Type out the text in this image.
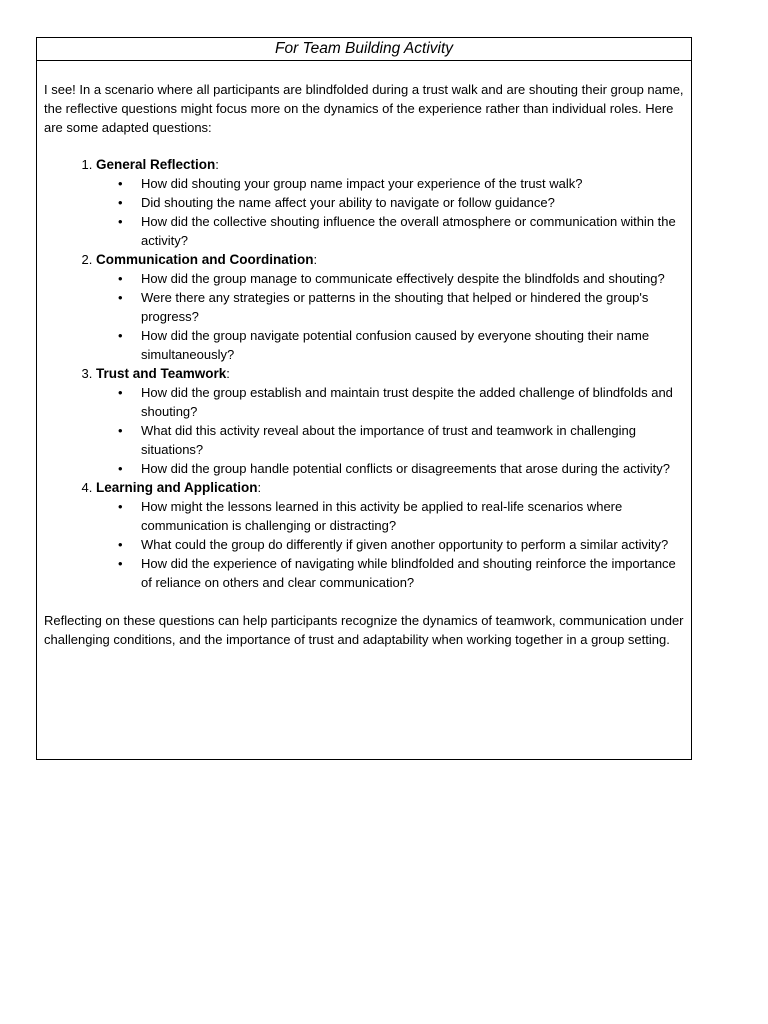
For Team Building Activity

I see! In a scenario where all participants are blindfolded during a trust walk and are shouting their group name, the reflective questions might focus more on the dynamics of the experience rather than individual roles. Here are some adapted questions:

1. General Reflection:
• How did shouting your group name impact your experience of the trust walk?
• Did shouting the name affect your ability to navigate or follow guidance?
• How did the collective shouting influence the overall atmosphere or communication within the activity?
2. Communication and Coordination:
• How did the group manage to communicate effectively despite the blindfolds and shouting?
• Were there any strategies or patterns in the shouting that helped or hindered the group's progress?
• How did the group navigate potential confusion caused by everyone shouting their name simultaneously?
3. Trust and Teamwork:
• How did the group establish and maintain trust despite the added challenge of blindfolds and shouting?
• What did this activity reveal about the importance of trust and teamwork in challenging situations?
• How did the group handle potential conflicts or disagreements that arose during the activity?
4. Learning and Application:
• How might the lessons learned in this activity be applied to real-life scenarios where communication is challenging or distracting?
• What could the group do differently if given another opportunity to perform a similar activity?
• How did the experience of navigating while blindfolded and shouting reinforce the importance of reliance on others and clear communication?

Reflecting on these questions can help participants recognize the dynamics of teamwork, communication under challenging conditions, and the importance of trust and adaptability when working together in a group setting.
